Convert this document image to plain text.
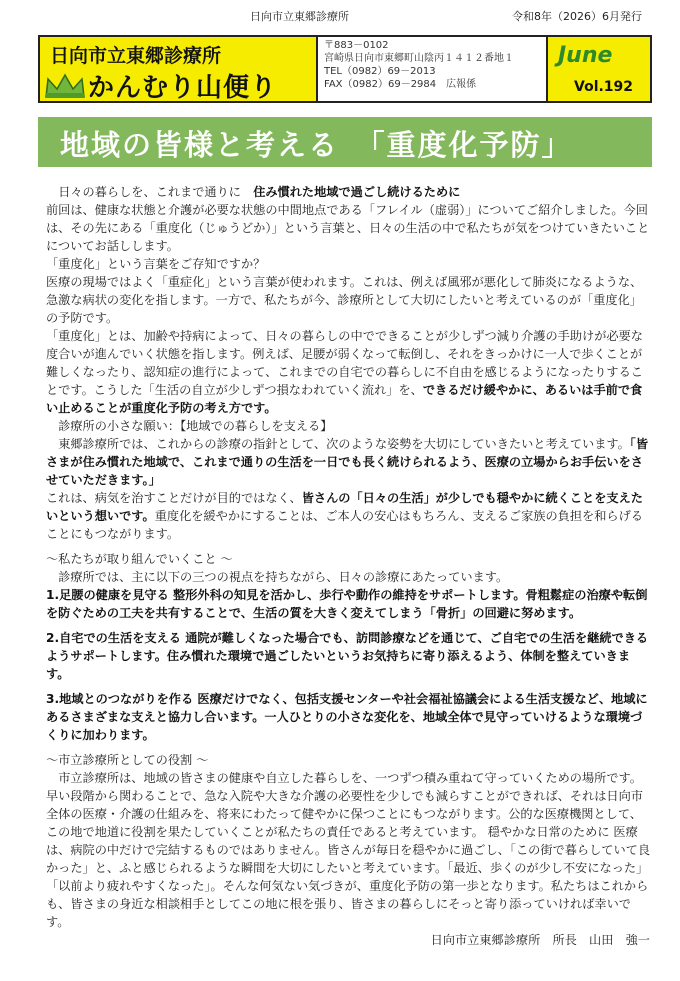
日向市立東郷診療所	令和8年（2026）6月発行
日向市立東郷診療所
かんむり山便り
〒883－0102
宮崎県日向市東郷町山陰丙１４１２番地１
TEL（0982）69－2013
FAX（0982）69－2984　広報係
June
Vol.192
地域の皆様と考える　「重度化予防」

日々の暮らしを、これまで通りに　住み慣れた地域で過ごし続けるために

前回は、健康な状態と介護が必要な状態の中間地点である「フレイル（虚弱）」についてご紹介しました。今回は、その先にある「重度化（じゅうどか）」という言葉と、日々の生活の中で私たちが気をつけていきたいことについてお話しします。

「重度化」という言葉をご存知ですか？

医療の現場ではよく「重症化」という言葉が使われます。これは、例えば風邪が悪化して肺炎になるような、急激な病状の変化を指します。一方で、私たちが今、診療所として大切にしたいと考えているのが「重度化」の予防です。

「重度化」とは、加齢や持病によって、日々の暮らしの中でできることが少しずつ減り介護の手助けが必要な度合いが進んでいく状態を指します。例えば、足腰が弱くなって転倒し、それをきっかけに一人で歩くことが難しくなったり、認知症の進行によって、これまでの自宅での暮らしに不自由を感じるようになったりすることです。こうした「生活の自立が少しずつ損なわれていく流れ」を、できるだけ緩やかに、あるいは手前で食い止めることが重度化予防の考え方です。

診療所の小さな願い：【地域での暮らしを支える】

東郷診療所では、これからの診療の指針として、次のような姿勢を大切にしていきたいと考えています。「皆さまが住み慣れた地域で、これまで通りの生活を一日でも長く続けられるよう、医療の立場からお手伝いをさせていただきます。」

これは、病気を治すことだけが目的ではなく、皆さんの「日々の生活」が少しでも穏やかに続くことを支えたいという想いです。重度化を緩やかにすることは、ご本人の安心はもちろん、支えるご家族の負担を和らげることにもつながります。

～私たちが取り組んでいくこと ～

診療所では、主に以下の三つの視点を持ちながら、日々の診療にあたっています。

1.足腰の健康を見守る 整形外科の知見を活かし、歩行や動作の維持をサポートします。骨粗鬆症の治療や転倒を防ぐための工夫を共有することで、生活の質を大きく変えてしまう「骨折」の回避に努めます。

2.自宅での生活を支える 通院が難しくなった場合でも、訪問診療などを通じて、ご自宅での生活を継続できるようサポートします。住み慣れた環境で過ごしたいというお気持ちに寄り添えるよう、体制を整えていきます。

3.地域とのつながりを作る 医療だけでなく、包括支援センターや社会福祉協議会による生活支援など、地域にあるさまざまな支えと協力し合います。一人ひとりの小さな変化を、地域全体で見守っていけるような環境づくりに加わります。

～市立診療所としての役割 ～

市立診療所は、地域の皆さまの健康や自立した暮らしを、一つずつ積み重ねて守っていくための場所です。早い段階から関わることで、急な入院や大きな介護の必要性を少しでも減らすことができれば、それは日向市全体の医療・介護の仕組みを、将来にわたって健やかに保つことにもつながります。公的な医療機関として、この地で地道に役割を果たしていくことが私たちの責任であると考えています。 穏やかな日常のために 医療は、病院の中だけで完結するものではありません。皆さんが毎日を穏やかに過ごし、「この街で暮らしていて良かった」と、ふと感じられるような瞬間を大切にしたいと考えています。「最近、歩くのが少し不安になった」「以前より疲れやすくなった」。そんな何気ない気づきが、重度化予防の第一歩となります。私たちはこれからも、皆さまの身近な相談相手としてこの地に根を張り、皆さまの暮らしにそっと寄り添っていければ幸いです。

日向市立東郷診療所　所長　山田　強一
